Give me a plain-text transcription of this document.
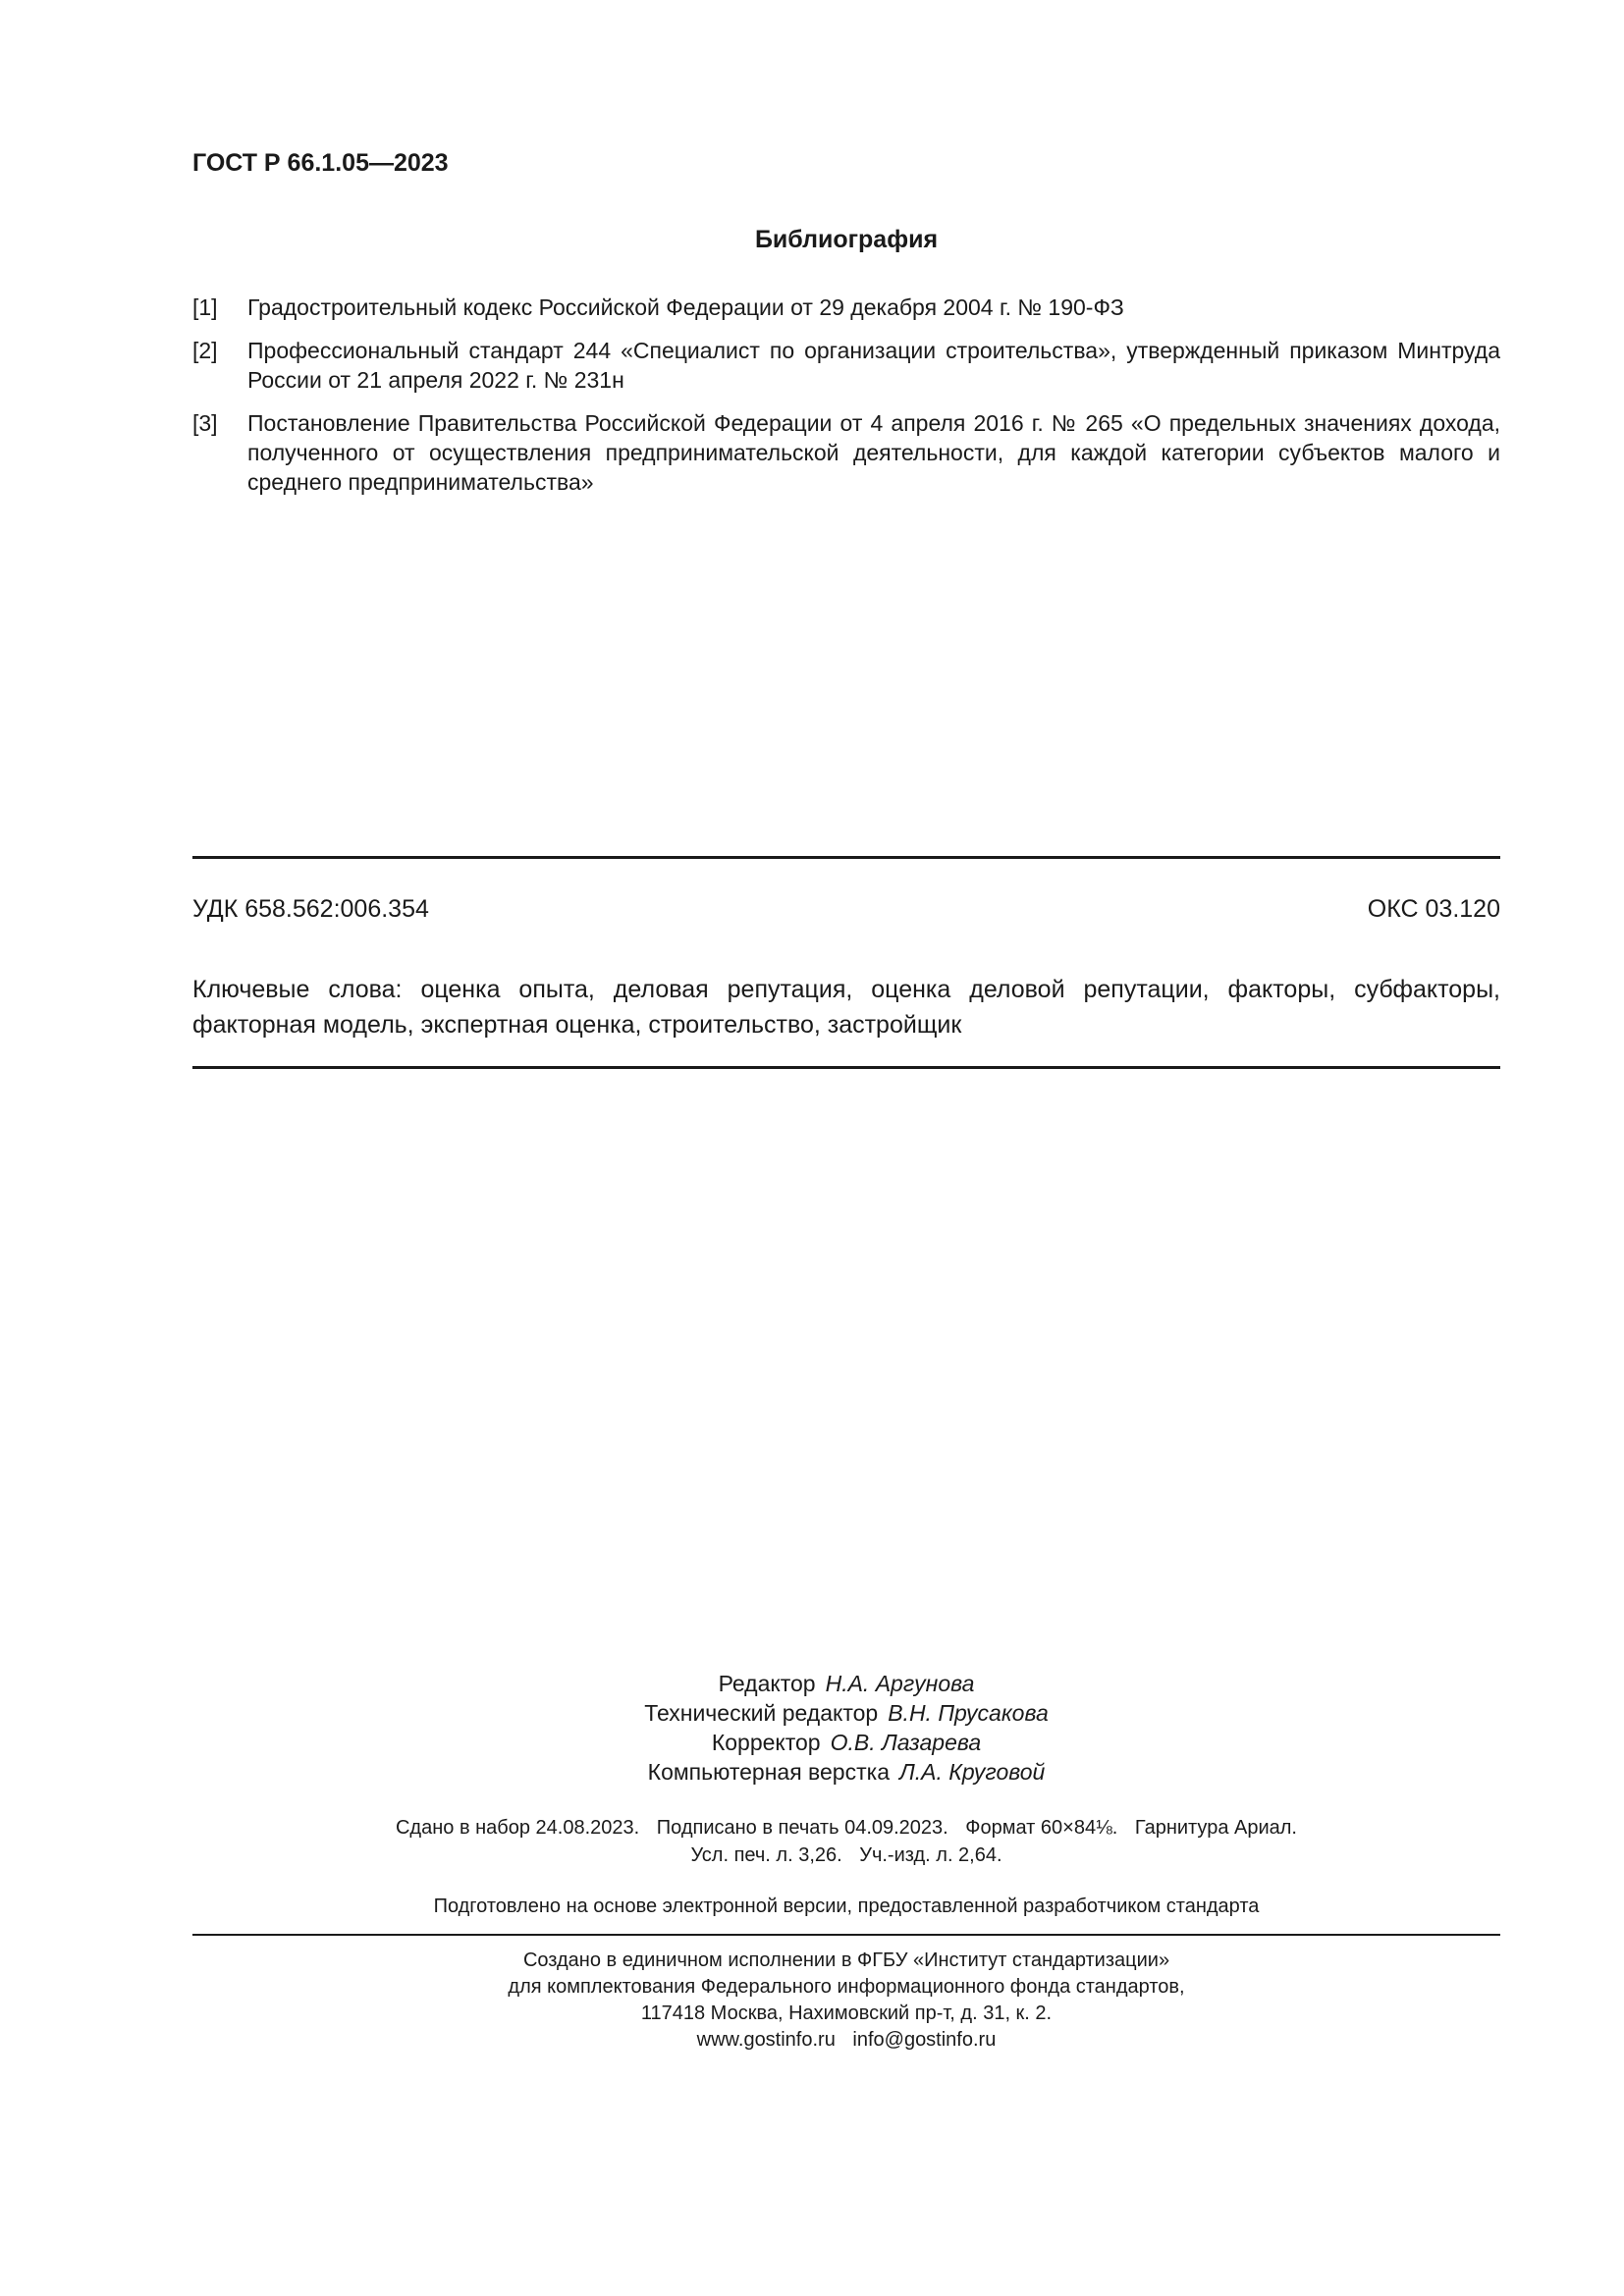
ГОСТ Р 66.1.05—2023

Библиография
[1]	Градостроительный кодекс Российской Федерации от 29 декабря 2004 г. № 190-ФЗ
[2]	Профессиональный стандарт 244 «Специалист по организации строительства», утвержденный приказом Минтруда России от 21 апреля 2022 г. № 231н
[3]	Постановление Правительства Российской Федерации от 4 апреля 2016 г. № 265 «О предельных значениях дохода, полученного от осуществления предпринимательской деятельности, для каждой категории субъектов малого и среднего предпринимательства»
УДК 658.562:006.354	ОКС 03.120

Ключевые слова: оценка опыта, деловая репутация, оценка деловой репутации, факторы, субфакторы, факторная модель, экспертная оценка, строительство, застройщик

Редактор Н.А. Аргунова
Технический редактор В.Н. Прусакова
Корректор О.В. Лазарева
Компьютерная верстка Л.А. Круговой
Сдано в набор 24.08.2023. Подписано в печать 04.09.2023. Формат 60×84⅛. Гарнитура Ариал.
Усл. печ. л. 3,26. Уч.-изд. л. 2,64.
Подготовлено на основе электронной версии, предоставленной разработчиком стандарта
Создано в единичном исполнении в ФГБУ «Институт стандартизации»
для комплектования Федерального информационного фонда стандартов,
117418 Москва, Нахимовский пр-т, д. 31, к. 2.
www.gostinfo.ru info@gostinfo.ru
